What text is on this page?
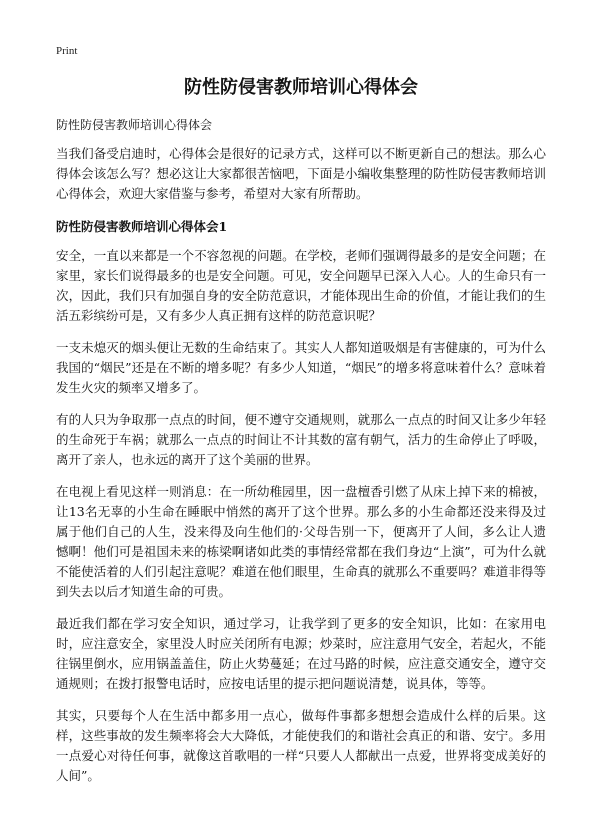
Print
防性防侵害教师培训心得体会
防性防侵害教师培训心得体会

当我们备受启迪时，心得体会是很好的记录方式，这样可以不断更新自己的想法。那么心得体会该怎么写？想必这让大家都很苦恼吧，下面是小编收集整理的防性防侵害教师培训心得体会，欢迎大家借鉴与参考，希望对大家有所帮助。

防性防侵害教师培训心得体会1

安全，一直以来都是一个不容忽视的问题。在学校，老师们强调得最多的是安全问题；在家里，家长们说得最多的也是安全问题。可见，安全问题早已深入人心。人的生命只有一次，因此，我们只有加强自身的安全防范意识，才能体现出生命的价值，才能让我们的生活五彩缤纷可是，又有多少人真正拥有这样的防范意识呢？

一支未熄灭的烟头便让无数的生命结束了。其实人人都知道吸烟是有害健康的，可为什么我国的“烟民”还是在不断的增多呢？有多少人知道，“烟民”的增多将意味着什么？意味着发生火灾的频率又增多了。

有的人只为争取那一点点的时间，便不遵守交通规则，就那么一点点的时间又让多少年轻的生命死于车祸；就那么一点点的时间让不计其数的富有朝气，活力的生命停止了呼吸，离开了亲人，也永远的离开了这个美丽的世界。

在电视上看见这样一则消息：在一所幼稚园里，因一盘檀香引燃了从床上掉下来的棉被，让13名无辜的小生命在睡眠中悄然的离开了这个世界。那么多的小生命都还没来得及过属于他们自己的人生，没来得及向生他们的·父母告别一下，便离开了人间，多么让人遗憾啊！他们可是祖国未来的栋梁啊诸如此类的事情经常都在我们身边“上演”，可为什么就不能使活着的人们引起注意呢？难道在他们眼里，生命真的就那么不重要吗？难道非得等到失去以后才知道生命的可贵。

最近我们都在学习安全知识，通过学习，让我学到了更多的安全知识，比如：在家用电时，应注意安全，家里没人时应关闭所有电源；炒菜时，应注意用气安全，若起火，不能往锅里倒水，应用锅盖盖住，防止火势蔓延；在过马路的时候，应注意交通安全，遵守交通规则；在拨打报警电话时，应按电话里的提示把问题说清楚，说具体，等等。

其实，只要每个人在生活中都多用一点心，做每件事都多想想会造成什么样的后果。这样，这些事故的发生频率将会大大降低，才能使我们的和谐社会真正的和谐、安宁。多用一点爱心对待任何事，就像这首歌唱的一样“只要人人都献出一点爱，世界将变成美好的人间”。
